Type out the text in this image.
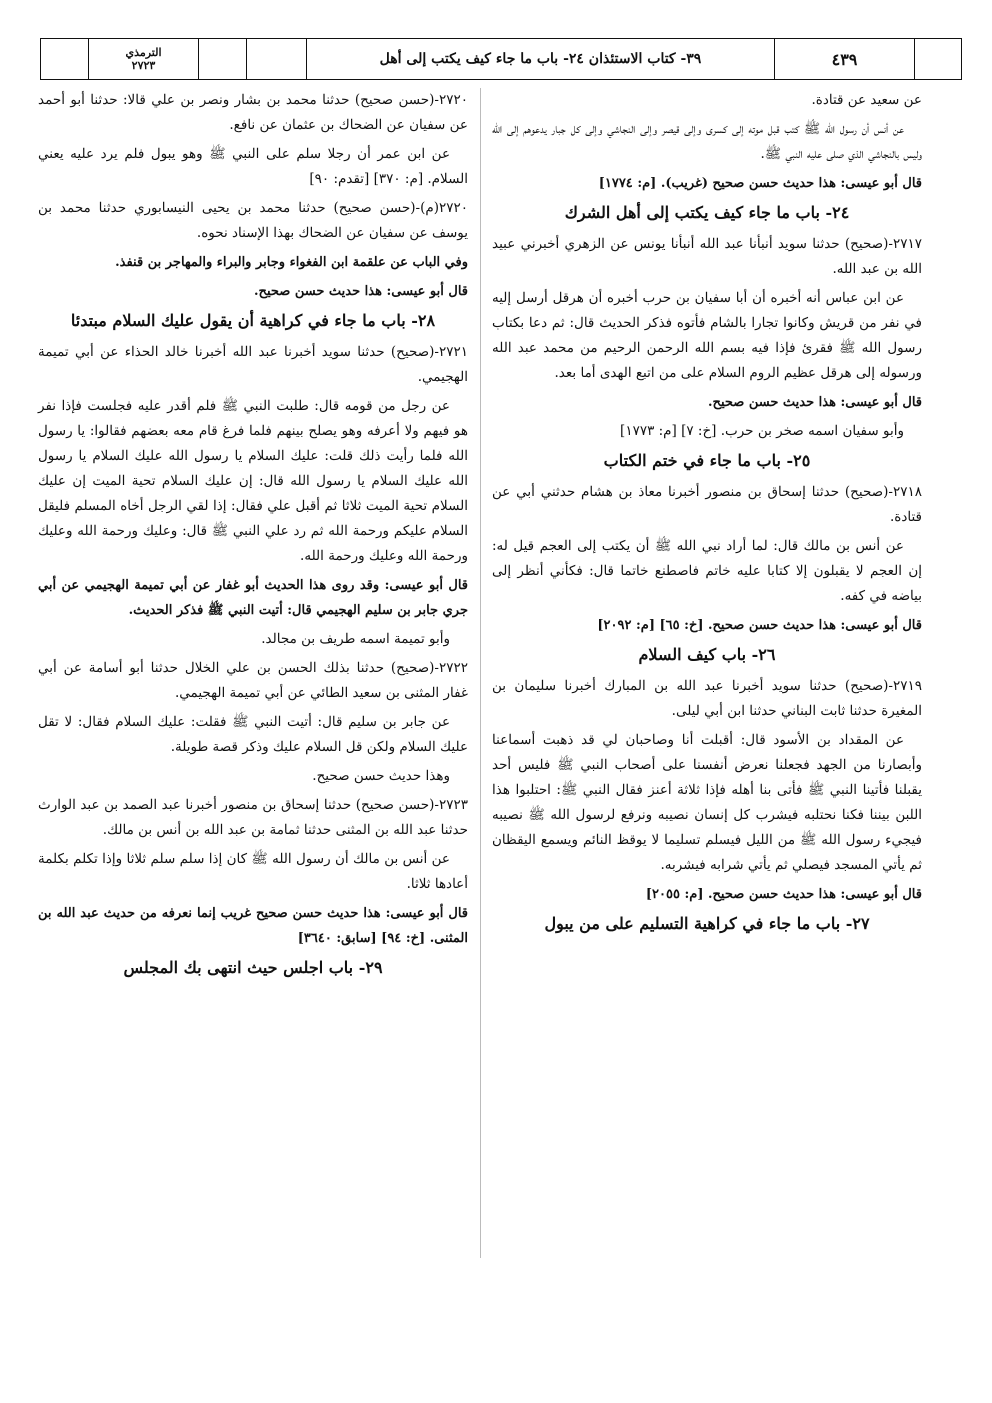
الترمذي
٢٧٢٣	٣٩- كتاب الاستئذان ٢٤- باب ما جاء كيف يكتب إلى أهل	٤٣٩

عن سعيد عن قتادة.

عن أنس أن رسول الله ﷺ كتب قبل موته إلى كسرى وإلى قيصر وإلى النجاشي وإلى كل جبار يدعوهم إلى الله وليس بالنجاشي الذي صلى عليه النبي ﷺ.

قال أبو عيسى: هذا حديث حسن صحيح (غريب). [م: ١٧٧٤]

٢٤- باب ما جاء كيف يكتب إلى أهل الشرك

٢٧١٧-(صحيح) حدثنا سويد أنبأنا عبد الله أنبأنا يونس عن الزهري أخبرني عبيد الله بن عبد الله.

عن ابن عباس أنه أخبره أن أبا سفيان بن حرب أخبره أن هرقل أرسل إليه في نفر من قريش وكانوا تجارا بالشام فأتوه فذكر الحديث قال: ثم دعا بكتاب رسول الله ﷺ فقرئ فإذا فيه بسم الله الرحمن الرحيم من محمد عبد الله ورسوله إلى هرقل عظيم الروم السلام على من اتبع الهدى أما بعد.

قال أبو عيسى: هذا حديث حسن صحيح.

وأبو سفيان اسمه صخر بن حرب. [خ: ٧] [م: ١٧٧٣]

٢٥- باب ما جاء في ختم الكتاب

٢٧١٨-(صحيح) حدثنا إسحاق بن منصور أخبرنا معاذ بن هشام حدثني أبي عن قتادة.

عن أنس بن مالك قال: لما أراد نبي الله ﷺ أن يكتب إلى العجم قيل له: إن العجم لا يقبلون إلا كتابا عليه خاتم فاصطنع خاتما قال: فكأني أنظر إلى بياضه في كفه.

قال أبو عيسى: هذا حديث حسن صحيح. [خ: ٦٥] [م: ٢٠٩٢]

٢٦- باب كيف السلام

٢٧١٩-(صحيح) حدثنا سويد أخبرنا عبد الله بن المبارك أخبرنا سليمان بن المغيرة حدثنا ثابت البناني حدثنا ابن أبي ليلى.

عن المقداد بن الأسود قال: أقبلت أنا وصاحبان لي قد ذهبت أسماعنا وأبصارنا من الجهد فجعلنا نعرض أنفسنا على أصحاب النبي ﷺ فليس أحد يقبلنا فأتينا النبي ﷺ فأتى بنا أهله فإذا ثلاثة أعنز فقال النبي ﷺ: احتلبوا هذا اللبن بيننا فكنا نحتلبه فيشرب كل إنسان نصيبه ونرفع لرسول الله ﷺ نصيبه فيجيء رسول الله ﷺ من الليل فيسلم تسليما لا يوقظ النائم ويسمع اليقظان ثم يأتي المسجد فيصلي ثم يأتي شرابه فيشربه.

قال أبو عيسى: هذا حديث حسن صحيح. [م: ٢٠٥٥]

٢٧- باب ما جاء في كراهية التسليم على من يبول

٢٧٢٠-(حسن صحيح) حدثنا محمد بن بشار ونصر بن علي قالا: حدثنا أبو أحمد عن سفيان عن الضحاك بن عثمان عن نافع.

عن ابن عمر أن رجلا سلم على النبي ﷺ وهو يبول فلم يرد عليه يعني السلام. [م: ٣٧٠] [تقدم: ٩٠]

٢٧٢٠(م)-(حسن صحيح) حدثنا محمد بن يحيى النيسابوري حدثنا محمد بن يوسف عن سفيان عن الضحاك بهذا الإسناد نحوه.

وفي الباب عن علقمة ابن الفغواء وجابر والبراء والمهاجر بن قنفذ.

قال أبو عيسى: هذا حديث حسن صحيح.

٢٨- باب ما جاء في كراهية أن يقول عليك السلام مبتدئا

٢٧٢١-(صحيح) حدثنا سويد أخبرنا عبد الله أخبرنا خالد الحذاء عن أبي تميمة الهجيمي.

عن رجل من قومه قال: طلبت النبي ﷺ فلم أقدر عليه فجلست فإذا نفر هو فيهم ولا أعرفه وهو يصلح بينهم فلما فرغ قام معه بعضهم فقالوا: يا رسول الله فلما رأيت ذلك قلت: عليك السلام يا رسول الله عليك السلام يا رسول الله عليك السلام يا رسول الله قال: إن عليك السلام تحية الميت إن عليك السلام تحية الميت ثلاثا ثم أقبل علي فقال: إذا لقي الرجل أخاه المسلم فليقل السلام عليكم ورحمة الله ثم رد علي النبي ﷺ قال: وعليك ورحمة الله وعليك ورحمة الله وعليك ورحمة الله.

قال أبو عيسى: وقد روى هذا الحديث أبو غفار عن أبي تميمة الهجيمي عن أبي جري جابر بن سليم الهجيمي قال: أتيت النبي ﷺ فذكر الحديث.

وأبو تميمة اسمه طريف بن مجالد.

٢٧٢٢-(صحيح) حدثنا بذلك الحسن بن علي الخلال حدثنا أبو أسامة عن أبي غفار المثنى بن سعيد الطائي عن أبي تميمة الهجيمي.

عن جابر بن سليم قال: أتيت النبي ﷺ فقلت: عليك السلام فقال: لا تقل عليك السلام ولكن قل السلام عليك وذكر قصة طويلة.

وهذا حديث حسن صحيح.

٢٧٢٣-(حسن صحيح) حدثنا إسحاق بن منصور أخبرنا عبد الصمد بن عبد الوارث حدثنا عبد الله بن المثنى حدثنا ثمامة بن عبد الله بن أنس بن مالك.

عن أنس بن مالك أن رسول الله ﷺ كان إذا سلم سلم ثلاثا وإذا تكلم بكلمة أعادها ثلاثا.

قال أبو عيسى: هذا حديث حسن صحيح غريب إنما نعرفه من حديث عبد الله بن المثنى. [خ: ٩٤] [سابق: ٣٦٤٠]

٢٩- باب اجلس حيث انتهى بك المجلس
